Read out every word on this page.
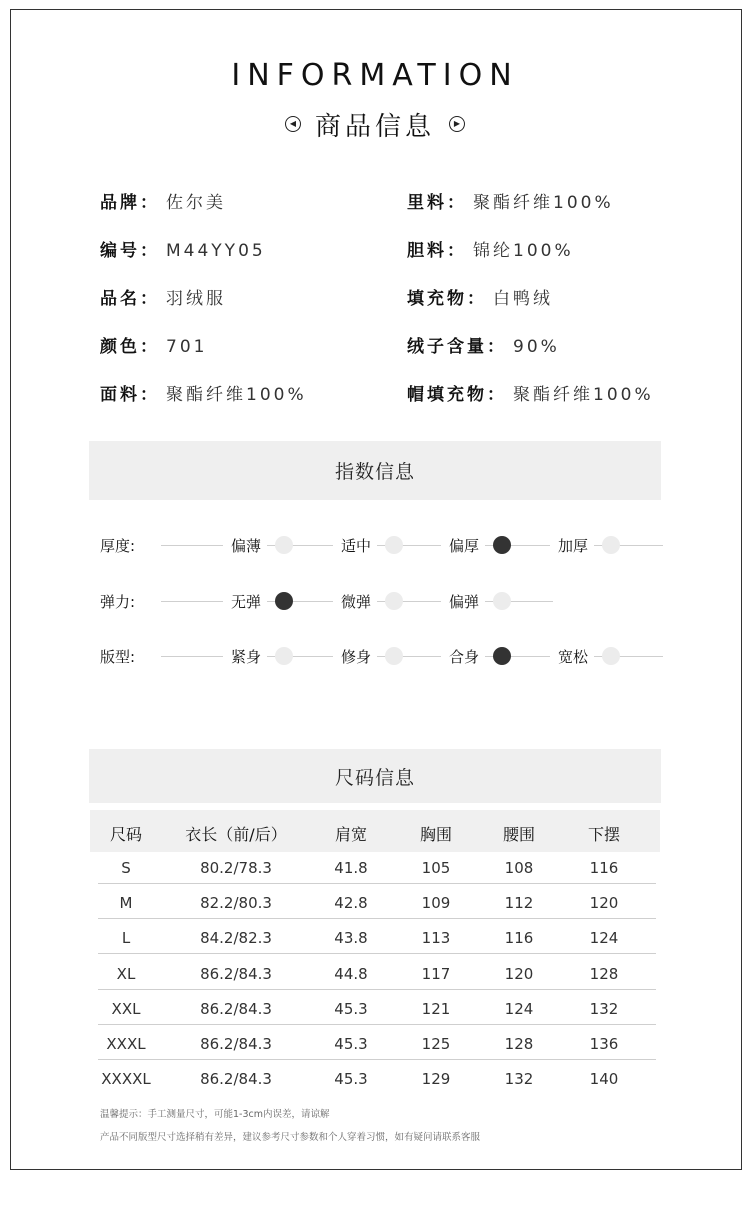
INFORMATION
◀ 商品信息	▶
品牌： 佐尔美
编号： M44YY05
品名： 羽绒服
颜色： 701
面料： 聚酯纤维100%
里料： 聚酯纤维100%
胆料： 锦纶100%
填充物： 白鸭绒
绒子含量： 90%
帽填充物： 聚酯纤维100%
指数信息
厚度:	偏薄	适中	偏厚	加厚
弹力:	无弹	微弹	偏弹
版型:	紧身	修身	合身	宽松
尺码信息
尺码	衣长（前/后）	肩宽	胸围	腰围	下摆
S	80.2/78.3	41.8	105	108	116
M	82.2/80.3	42.8	109	112	120
L	84.2/82.3	43.8	113	116	124
XL	86.2/84.3	44.8	117	120	128
XXL	86.2/84.3	45.3	121	124	132
XXXL	86.2/84.3	45.3	125	128	136
XXXXL	86.2/84.3	45.3	129	132	140
温馨提示：手工测量尺寸，可能1-3cm内误差，请谅解
产品不同版型尺寸选择稍有差异，建议参考尺寸参数和个人穿着习惯，如有疑问请联系客服
